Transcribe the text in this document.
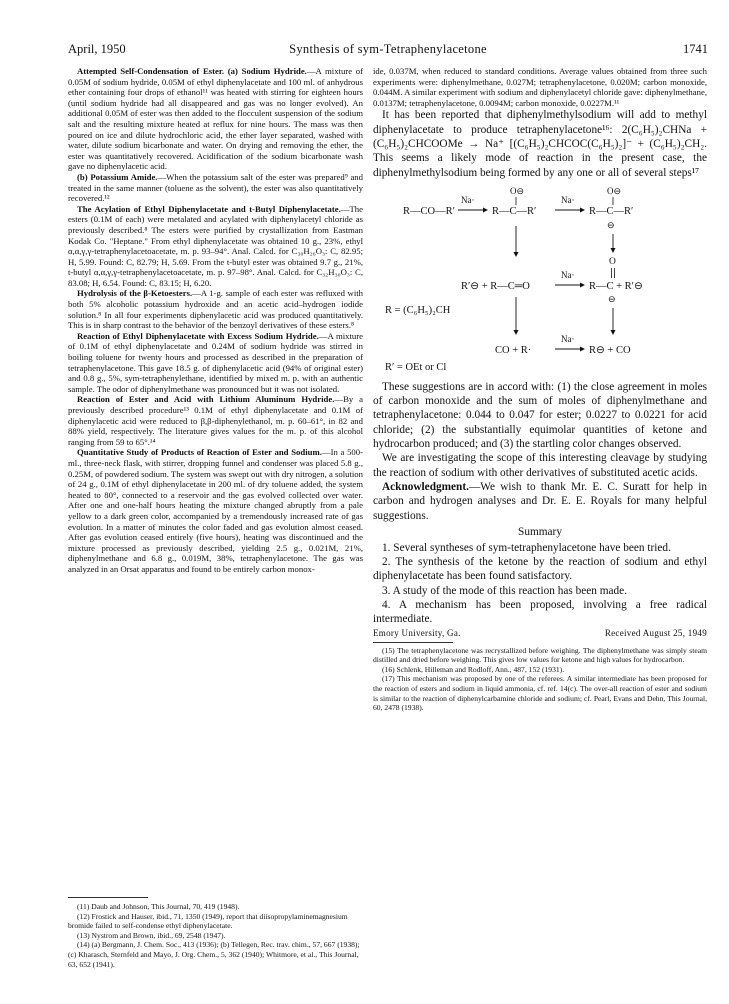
April, 1950	Synthesis of sym-Tetraphenylacetone	1741

Attempted Self-Condensation of Ester. (a) Sodium Hydride.—A mixture of 0.05M of sodium hydride, 0.05M of ethyl diphenylacetate and 100 ml. of anhydrous ether containing four drops of ethanol¹¹ was heated with stirring for eighteen hours (until sodium hydride had all disappeared and gas was no longer evolved). An additional 0.05M of ester was then added to the flocculent suspension of the sodium salt and the resulting mixture heated at reflux for nine hours. The mass was then poured on ice and dilute hydrochloric acid, the ether layer separated, washed with water, dilute sodium bicarbonate and water. On drying and removing the ether, the ester was quantitatively recovered. Acidification of the sodium bicarbonate wash gave no diphenylacetic acid.

(b) Potassium Amide.—When the potassium salt of the ester was prepared⁹ and treated in the same manner (toluene as the solvent), the ester was also quantitatively recovered.¹²

The Acylation of Ethyl Diphenylacetate and t-Butyl Diphenylacetate.—The esters (0.1M of each) were metalated and acylated with diphenylacetyl chloride as previously described.⁸ The esters were purified by crystallization from Eastman Kodak Co. "Heptane." From ethyl diphenylacetate was obtained 10 g., 23%, ethyl α,α,γ,γ-tetraphenylacetoacetate, m. p. 93–94°. Anal. Calcd. for C₃₀H₂₆O₃: C, 82.95; H, 5.99. Found: C, 82.79; H, 5.69. From the t-butyl ester was obtained 9.7 g., 21%, t-butyl α,α,γ,γ-tetraphenylacetoacetate, m. p. 97–98°. Anal. Calcd. for C₃₂H₃₀O₃: C, 83.08; H, 6.54. Found: C, 83.15; H, 6.20.

Hydrolysis of the β-Ketoesters.—A 1-g. sample of each ester was refluxed with both 5% alcoholic potassium hydroxide and an acetic acid–hydrogen iodide solution.⁸ In all four experiments diphenylacetic acid was produced quantitatively. This is in sharp contrast to the behavior of the benzoyl derivatives of these esters.⁸

Reaction of Ethyl Diphenylacetate with Excess Sodium Hydride.—A mixture of 0.1M of ethyl diphenylacetate and 0.24M of sodium hydride was stirred in boiling toluene for twenty hours and processed as described in the preparation of tetraphenylacetone. This gave 18.5 g. of diphenylacetic acid (94% of original ester) and 0.8 g., 5%, sym-tetraphenylethane, identified by mixed m. p. with an authentic sample. The odor of diphenylmethane was pronounced but it was not isolated.

Reaction of Ester and Acid with Lithium Aluminum Hydride.—By a previously described procedure¹³ 0.1M of ethyl diphenylacetate and 0.1M of diphenylacetic acid were reduced to β,β-diphenylethanol, m. p. 60–61°, in 82 and 88% yield, respectively. The literature gives values for the m. p. of this alcohol ranging from 59 to 65°.¹⁴

Quantitative Study of Products of Reaction of Ester and Sodium.—In a 500-ml., three-neck flask, with stirrer, dropping funnel and condenser was placed 5.8 g., 0.25M, of powdered sodium. The system was swept out with dry nitrogen, a solution of 24 g., 0.1M of ethyl diphenylacetate in 200 ml. of dry toluene added, the system heated to 80°, connected to a reservoir and the gas evolved collected over water. After one and one-half hours heating the mixture changed abruptly from a pale yellow to a dark green color, accompanied by a tremendously increased rate of gas evolution. In a matter of minutes the color faded and gas evolution almost ceased. After gas evolution ceased entirely (five hours), heating was discontinued and the mixture processed as previously described, yielding 2.5 g., 0.021M, 21%, diphenylmethane and 6.8 g., 0.019M, 38%, tetraphenylacetone. The gas was analyzed in an Orsat apparatus and found to be entirely carbon monox-

(11) Daub and Johnson, This Journal, 70, 419 (1948).

(12) Frostick and Hauser, ibid., 71, 1350 (1949), report that diisopropylaminemagnesium bromide failed to self-condense ethyl diphenylacetate.

(13) Nystrom and Brown, ibid., 69, 2548 (1947).

(14) (a) Bergmann, J. Chem. Soc., 413 (1936); (b) Tellegen, Rec. trav. chim., 57, 667 (1938); (c) Kharasch, Sternfeld and Mayo, J. Org. Chem., 5, 362 (1940); Whitmore, et al., This Journal, 63, 652 (1941).

ide, 0.037M, when reduced to standard conditions. Average values obtained from three such experiments were: diphenylmethane, 0.027M; tetraphenylacetone, 0.020M; carbon monoxide, 0.044M. A similar experiment with sodium and diphenylacetyl chloride gave: diphenylmethane, 0.0137M; tetraphenylacetone, 0.0094M; carbon monoxide, 0.0227M.¹¹

It has been reported that diphenylmethylsodium will add to methyl diphenylacetate to produce tetraphenylacetone¹⁶: 2(C₆H₅)₂CHNa + (C₆H₅)₂CHCOOMe → Na⁺ [(C₆H₅)₂CHCOC(C₆H₅)₂]⁻ + (C₆H₅)₂CH₂. This seems a likely mode of reaction in the present case, the diphenylmethylsodium being formed by any one or all of several steps¹⁷

R—CO—R′
Na·
R—C—R′
O⊖
Na·
R—C—R′
O⊖
⊖
O
R′⊖ + R—C═O
Na·
R—C + R′⊖
⊖
R = (C₆H₅)₂CH
CO + R·
Na·
R⊖ + CO
R′ = OEt or Cl

These suggestions are in accord with: (1) the close agreement in moles of carbon monoxide and the sum of moles of diphenylmethane and tetraphenylacetone: 0.044 to 0.047 for ester; 0.0227 to 0.0221 for acid chloride; (2) the substantially equimolar quantities of ketone and hydrocarbon produced; and (3) the startling color changes observed.

We are investigating the scope of this interesting cleavage by studying the reaction of sodium with other derivatives of substituted acetic acids.

Acknowledgment.—We wish to thank Mr. E. C. Suratt for help in carbon and hydrogen analyses and Dr. E. E. Royals for many helpful suggestions.

Summary

1. Several syntheses of sym-tetraphenylacetone have been tried.

2. The synthesis of the ketone by the reaction of sodium and ethyl diphenylacetate has been found satisfactory.

3. A study of the mode of this reaction has been made.

4. A mechanism has been proposed, involving a free radical intermediate.

Emory University, Ga.	Received August 25, 1949

(15) The tetraphenylacetone was recrystallized before weighing. The diphenylmethane was simply steam distilled and dried before weighing. This gives low values for ketone and high values for hydrocarbon.

(16) Schlenk, Hilleman and Rodloff, Ann., 487, 152 (1931).

(17) This mechanism was proposed by one of the referees. A similar intermediate has been proposed for the reaction of esters and sodium in liquid ammonia, cf. ref. 14(c). The over-all reaction of ester and sodium is similar to the reaction of diphenylcarbamine chloride and sodium; cf. Pearl, Evans and Dehn, This Journal, 60, 2478 (1938).
